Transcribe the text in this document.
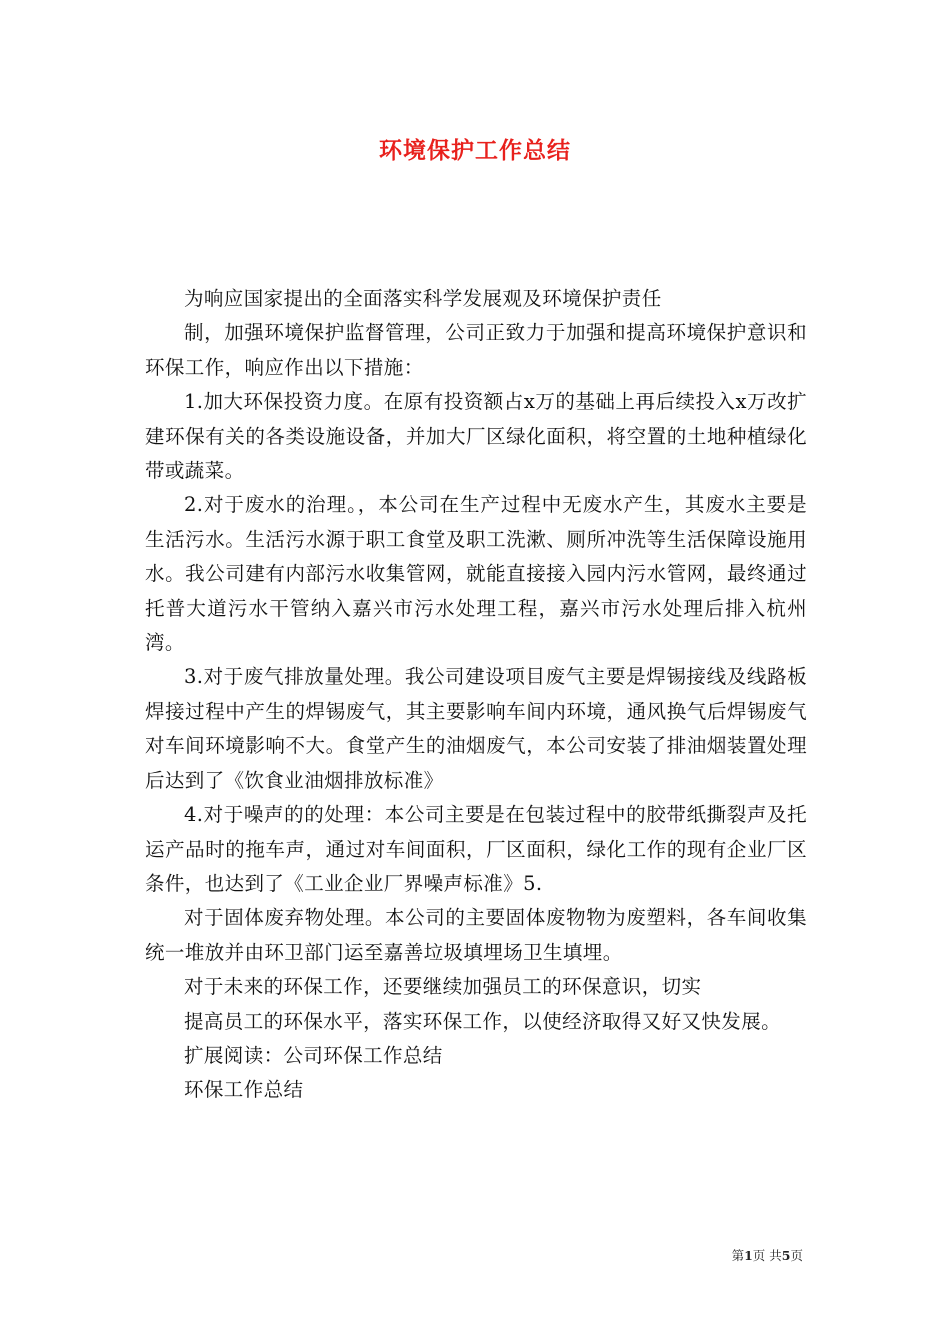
环境保护工作总结

为响应国家提出的全面落实科学发展观及环境保护责任

制，加强环境保护监督管理，公司正致力于加强和提高环境保护意识和环保工作，响应作出以下措施：

1.加大环保投资力度。在原有投资额占x万的基础上再后续投入x万改扩建环保有关的各类设施设备，并加大厂区绿化面积，将空置的土地种植绿化带或蔬菜。

2.对于废水的治理。，本公司在生产过程中无废水产生，其废水主要是生活污水。生活污水源于职工食堂及职工洗漱、厕所冲洗等生活保障设施用水。我公司建有内部污水收集管网，就能直接接入园内污水管网，最终通过托普大道污水干管纳入嘉兴市污水处理工程，嘉兴市污水处理后排入杭州湾。

3.对于废气排放量处理。我公司建设项目废气主要是焊锡接线及线路板焊接过程中产生的焊锡废气，其主要影响车间内环境，通风换气后焊锡废气对车间环境影响不大。食堂产生的油烟废气，本公司安装了排油烟装置处理后达到了《饮食业油烟排放标准》

4.对于噪声的的处理：本公司主要是在包装过程中的胶带纸撕裂声及托运产品时的拖车声，通过对车间面积，厂区面积，绿化工作的现有企业厂区条件，也达到了《工业企业厂界噪声标准》5.

对于固体废弃物处理。本公司的主要固体废物物为废塑料，各车间收集统一堆放并由环卫部门运至嘉善垃圾填埋场卫生填埋。

对于未来的环保工作，还要继续加强员工的环保意识，切实

提高员工的环保水平，落实环保工作，以使经济取得又好又快发展。

扩展阅读：公司环保工作总结

环保工作总结

第1页 共5页
